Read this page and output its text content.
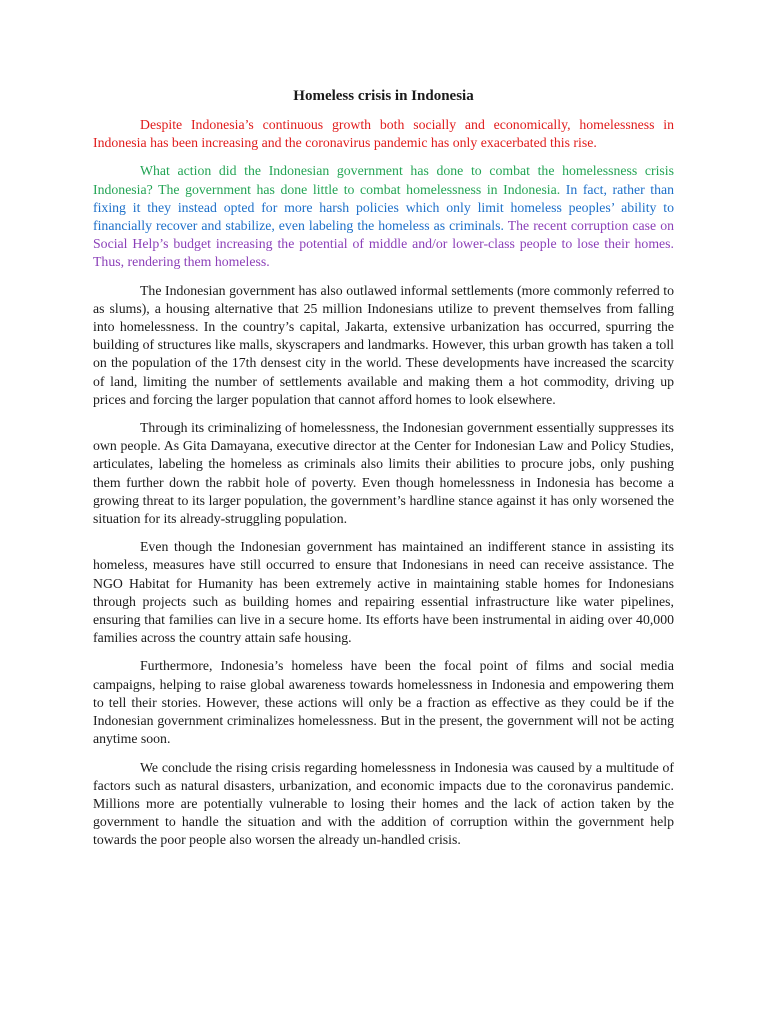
Homeless crisis in Indonesia

Despite Indonesia’s continuous growth both socially and economically, homelessness in Indonesia has been increasing and the coronavirus pandemic has only exacerbated this rise.

What action did the Indonesian government has done to combat the homelessness crisis Indonesia? The government has done little to combat homelessness in Indonesia. In fact, rather than fixing it they instead opted for more harsh policies which only limit homeless peoples’ ability to financially recover and stabilize, even labeling the homeless as criminals. The recent corruption case on Social Help’s budget increasing the potential of middle and/or lower-class people to lose their homes. Thus, rendering them homeless.

The Indonesian government has also outlawed informal settlements (more commonly referred to as slums), a housing alternative that 25 million Indonesians utilize to prevent themselves from falling into homelessness. In the country’s capital, Jakarta, extensive urbanization has occurred, spurring the building of structures like malls, skyscrapers and landmarks. However, this urban growth has taken a toll on the population of the 17th densest city in the world. These developments have increased the scarcity of land, limiting the number of settlements available and making them a hot commodity, driving up prices and forcing the larger population that cannot afford homes to look elsewhere.

Through its criminalizing of homelessness, the Indonesian government essentially suppresses its own people. As Gita Damayana, executive director at the Center for Indonesian Law and Policy Studies, articulates, labeling the homeless as criminals also limits their abilities to procure jobs, only pushing them further down the rabbit hole of poverty. Even though homelessness in Indonesia has become a growing threat to its larger population, the government’s hardline stance against it has only worsened the situation for its already-struggling population.

Even though the Indonesian government has maintained an indifferent stance in assisting its homeless, measures have still occurred to ensure that Indonesians in need can receive assistance. The NGO Habitat for Humanity has been extremely active in maintaining stable homes for Indonesians through projects such as building homes and repairing essential infrastructure like water pipelines, ensuring that families can live in a secure home. Its efforts have been instrumental in aiding over 40,000 families across the country attain safe housing.

Furthermore, Indonesia’s homeless have been the focal point of films and social media campaigns, helping to raise global awareness towards homelessness in Indonesia and empowering them to tell their stories. However, these actions will only be a fraction as effective as they could be if the Indonesian government criminalizes homelessness. But in the present, the government will not be acting anytime soon.

We conclude the rising crisis regarding homelessness in Indonesia was caused by a multitude of factors such as natural disasters, urbanization, and economic impacts due to the coronavirus pandemic. Millions more are potentially vulnerable to losing their homes and the lack of action taken by the government to handle the situation and with the addition of corruption within the government help towards the poor people also worsen the already un-handled crisis.
